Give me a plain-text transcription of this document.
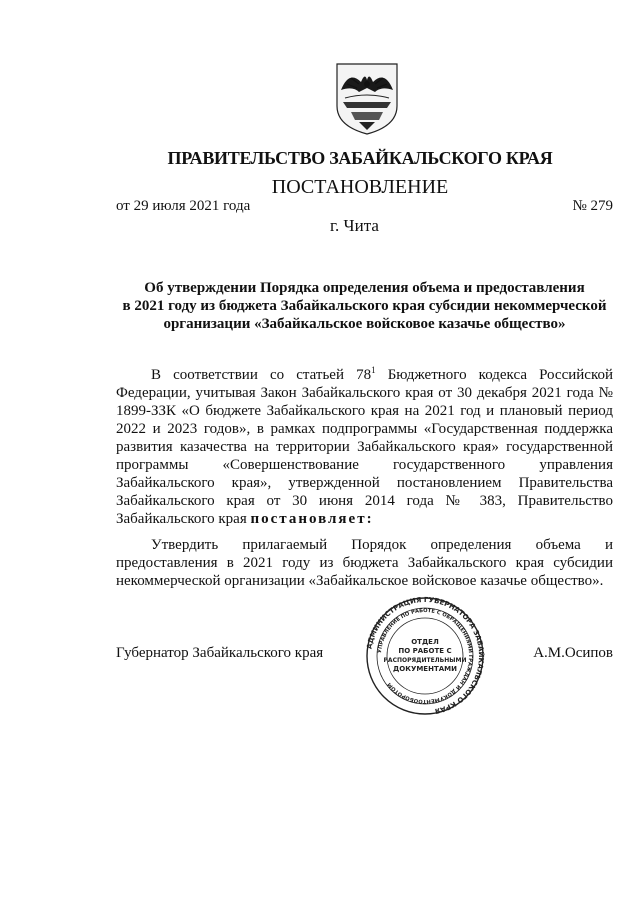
ПРАВИТЕЛЬСТВО ЗАБАЙКАЛЬСКОГО КРАЯ
ПОСТАНОВЛЕНИЕ
от 29 июля 2021 года	№ 279
г. Чита
Об утверждении Порядка определения объема и предоставления
в 2021 году из бюджета Забайкальского края субсидии некоммерческой
организации «Забайкальское войсковое казачье общество»

В соответствии со статьей $78^1$ Бюджетного кодекса Российской Федерации, учитывая Закон Забайкальского края от 30 декабря 2021 года № 1899-ЗЗК «О бюджете Забайкальского края на 2021 год и плановый период 2022 и 2023 годов», в рамках подпрограммы «Государственная поддержка развития казачества на территории Забайкальского края» государственной программы «Совершенствование государственного управления Забайкальского края», утвержденной постановлением Правительства Забайкальского края от 30 июня 2014 года № 383, Правительство Забайкальского края постановляет:

Утвердить прилагаемый Порядок определения объема и предоставления в 2021 году из бюджета Забайкальского края субсидии некоммерческой организации «Забайкальское войсковое казачье общество».

Губернатор Забайкальского края	А.М.Осипов
АДМИНИСТРАЦИЯ ГУБЕРНАТОРА ЗАБАЙКАЛЬСКОГО КРАЯ
УПРАВЛЕНИЕ ПО РАБОТЕ С ОБРАЩЕНИЯМИ ГРАЖДАН И ДОКУМЕНТООБОРОТОМ
ОТДЕЛ
ПО РАБОТЕ С
РАСПОРЯДИТЕЛЬНЫМИ
ДОКУМЕНТАМИ
